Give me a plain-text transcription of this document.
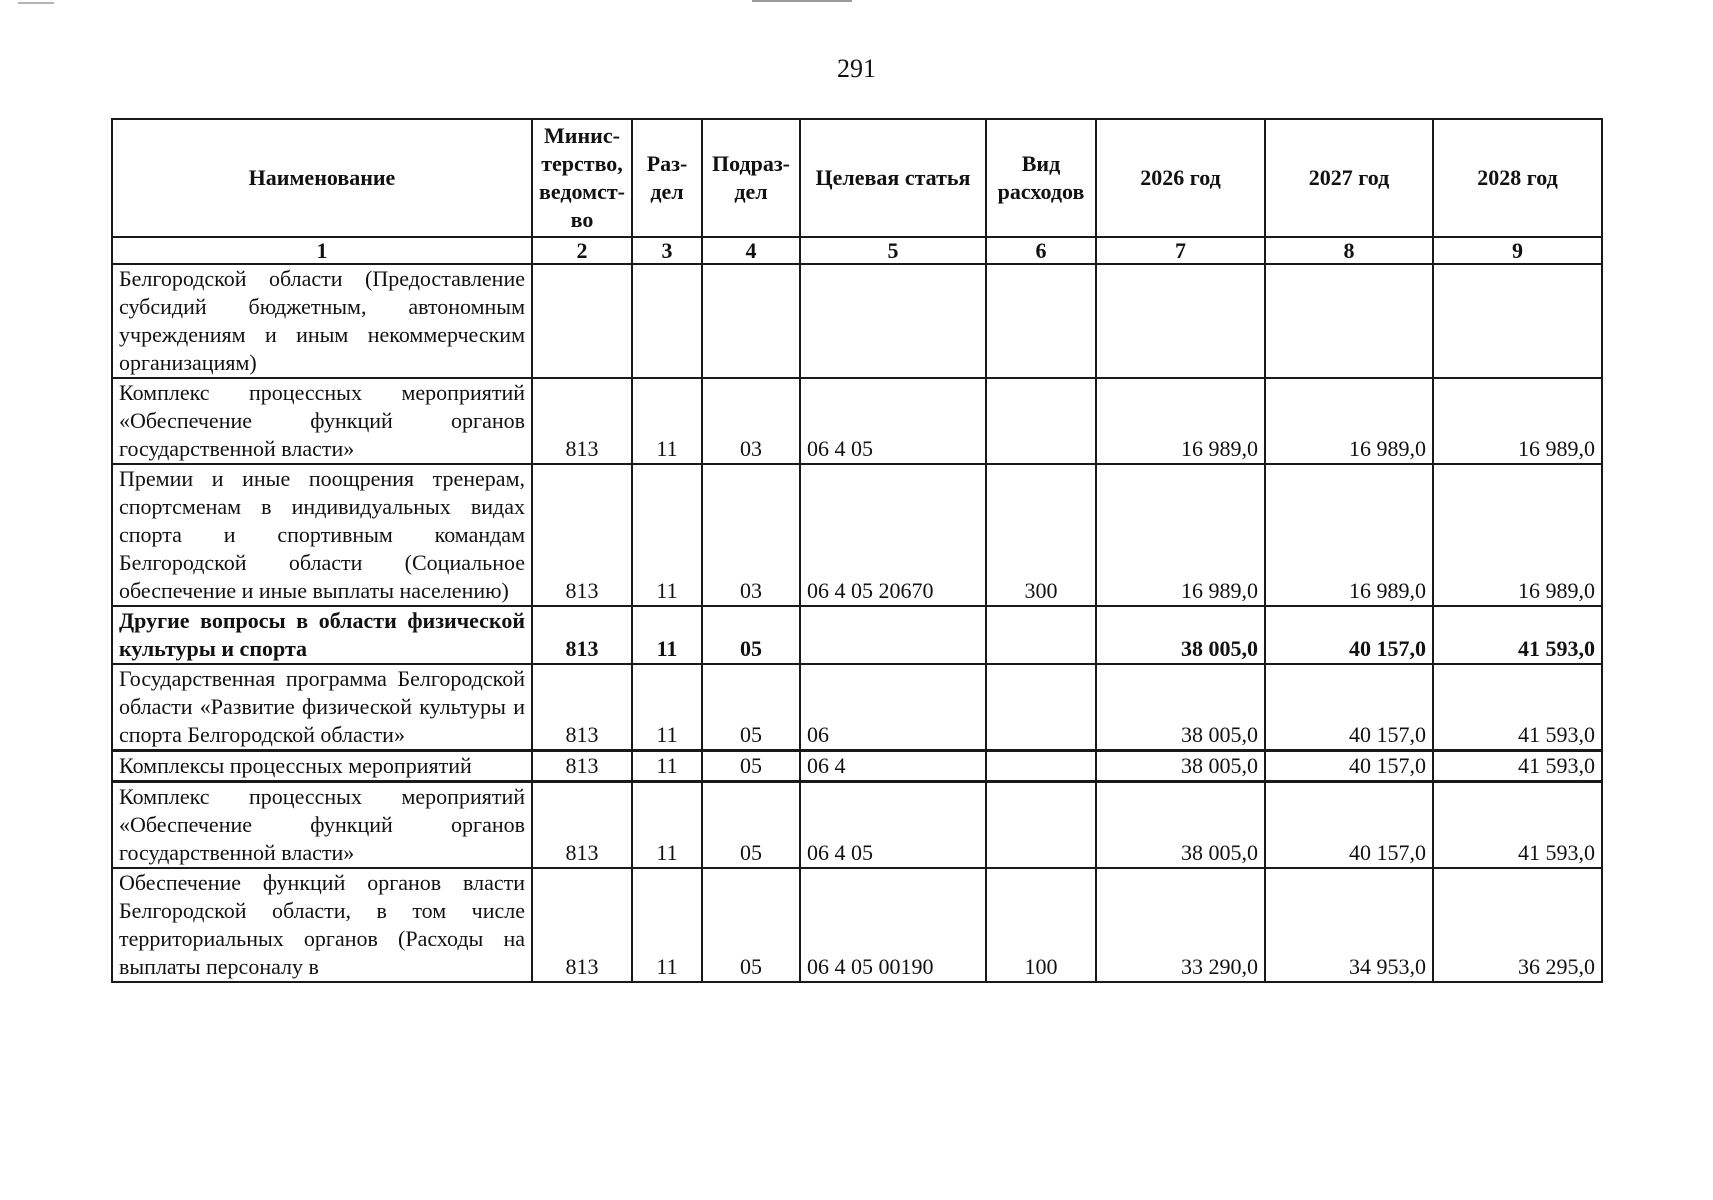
291
Наименование	Минис-терство, ведомст-во	Раз-дел	Подраз-дел	Целевая статья	Вид расходов	2026 год	2027 год	2028 год
1	2	3	4	5	6	7	8	9
Белгородской области (Предоставление субсидий бюджетным, автономным учреждениям и иным некоммерческим организациям)								
Комплекс процессных мероприятий «Обеспечение функций органов государственной власти»	813	11	03	06 4 05		16 989,0	16 989,0	16 989,0
Премии и иные поощрения тренерам, спортсменам в индивидуальных видах спорта и спортивным командам Белгородской области (Социальное обеспечение и иные выплаты населению)	813	11	03	06 4 05 20670	300	16 989,0	16 989,0	16 989,0
Другие вопросы в области физической культуры и спорта	813	11	05			38 005,0	40 157,0	41 593,0
Государственная программа Белгородской области «Развитие физической культуры и спорта Белгородской области»	813	11	05	06		38 005,0	40 157,0	41 593,0
Комплексы процессных мероприятий	813	11	05	06 4		38 005,0	40 157,0	41 593,0
Комплекс процессных мероприятий «Обеспечение функций органов государственной власти»	813	11	05	06 4 05		38 005,0	40 157,0	41 593,0
Обеспечение функций органов власти Белгородской области, в том числе территориальных органов (Расходы на выплаты персоналу в	813	11	05	06 4 05 00190	100	33 290,0	34 953,0	36 295,0
